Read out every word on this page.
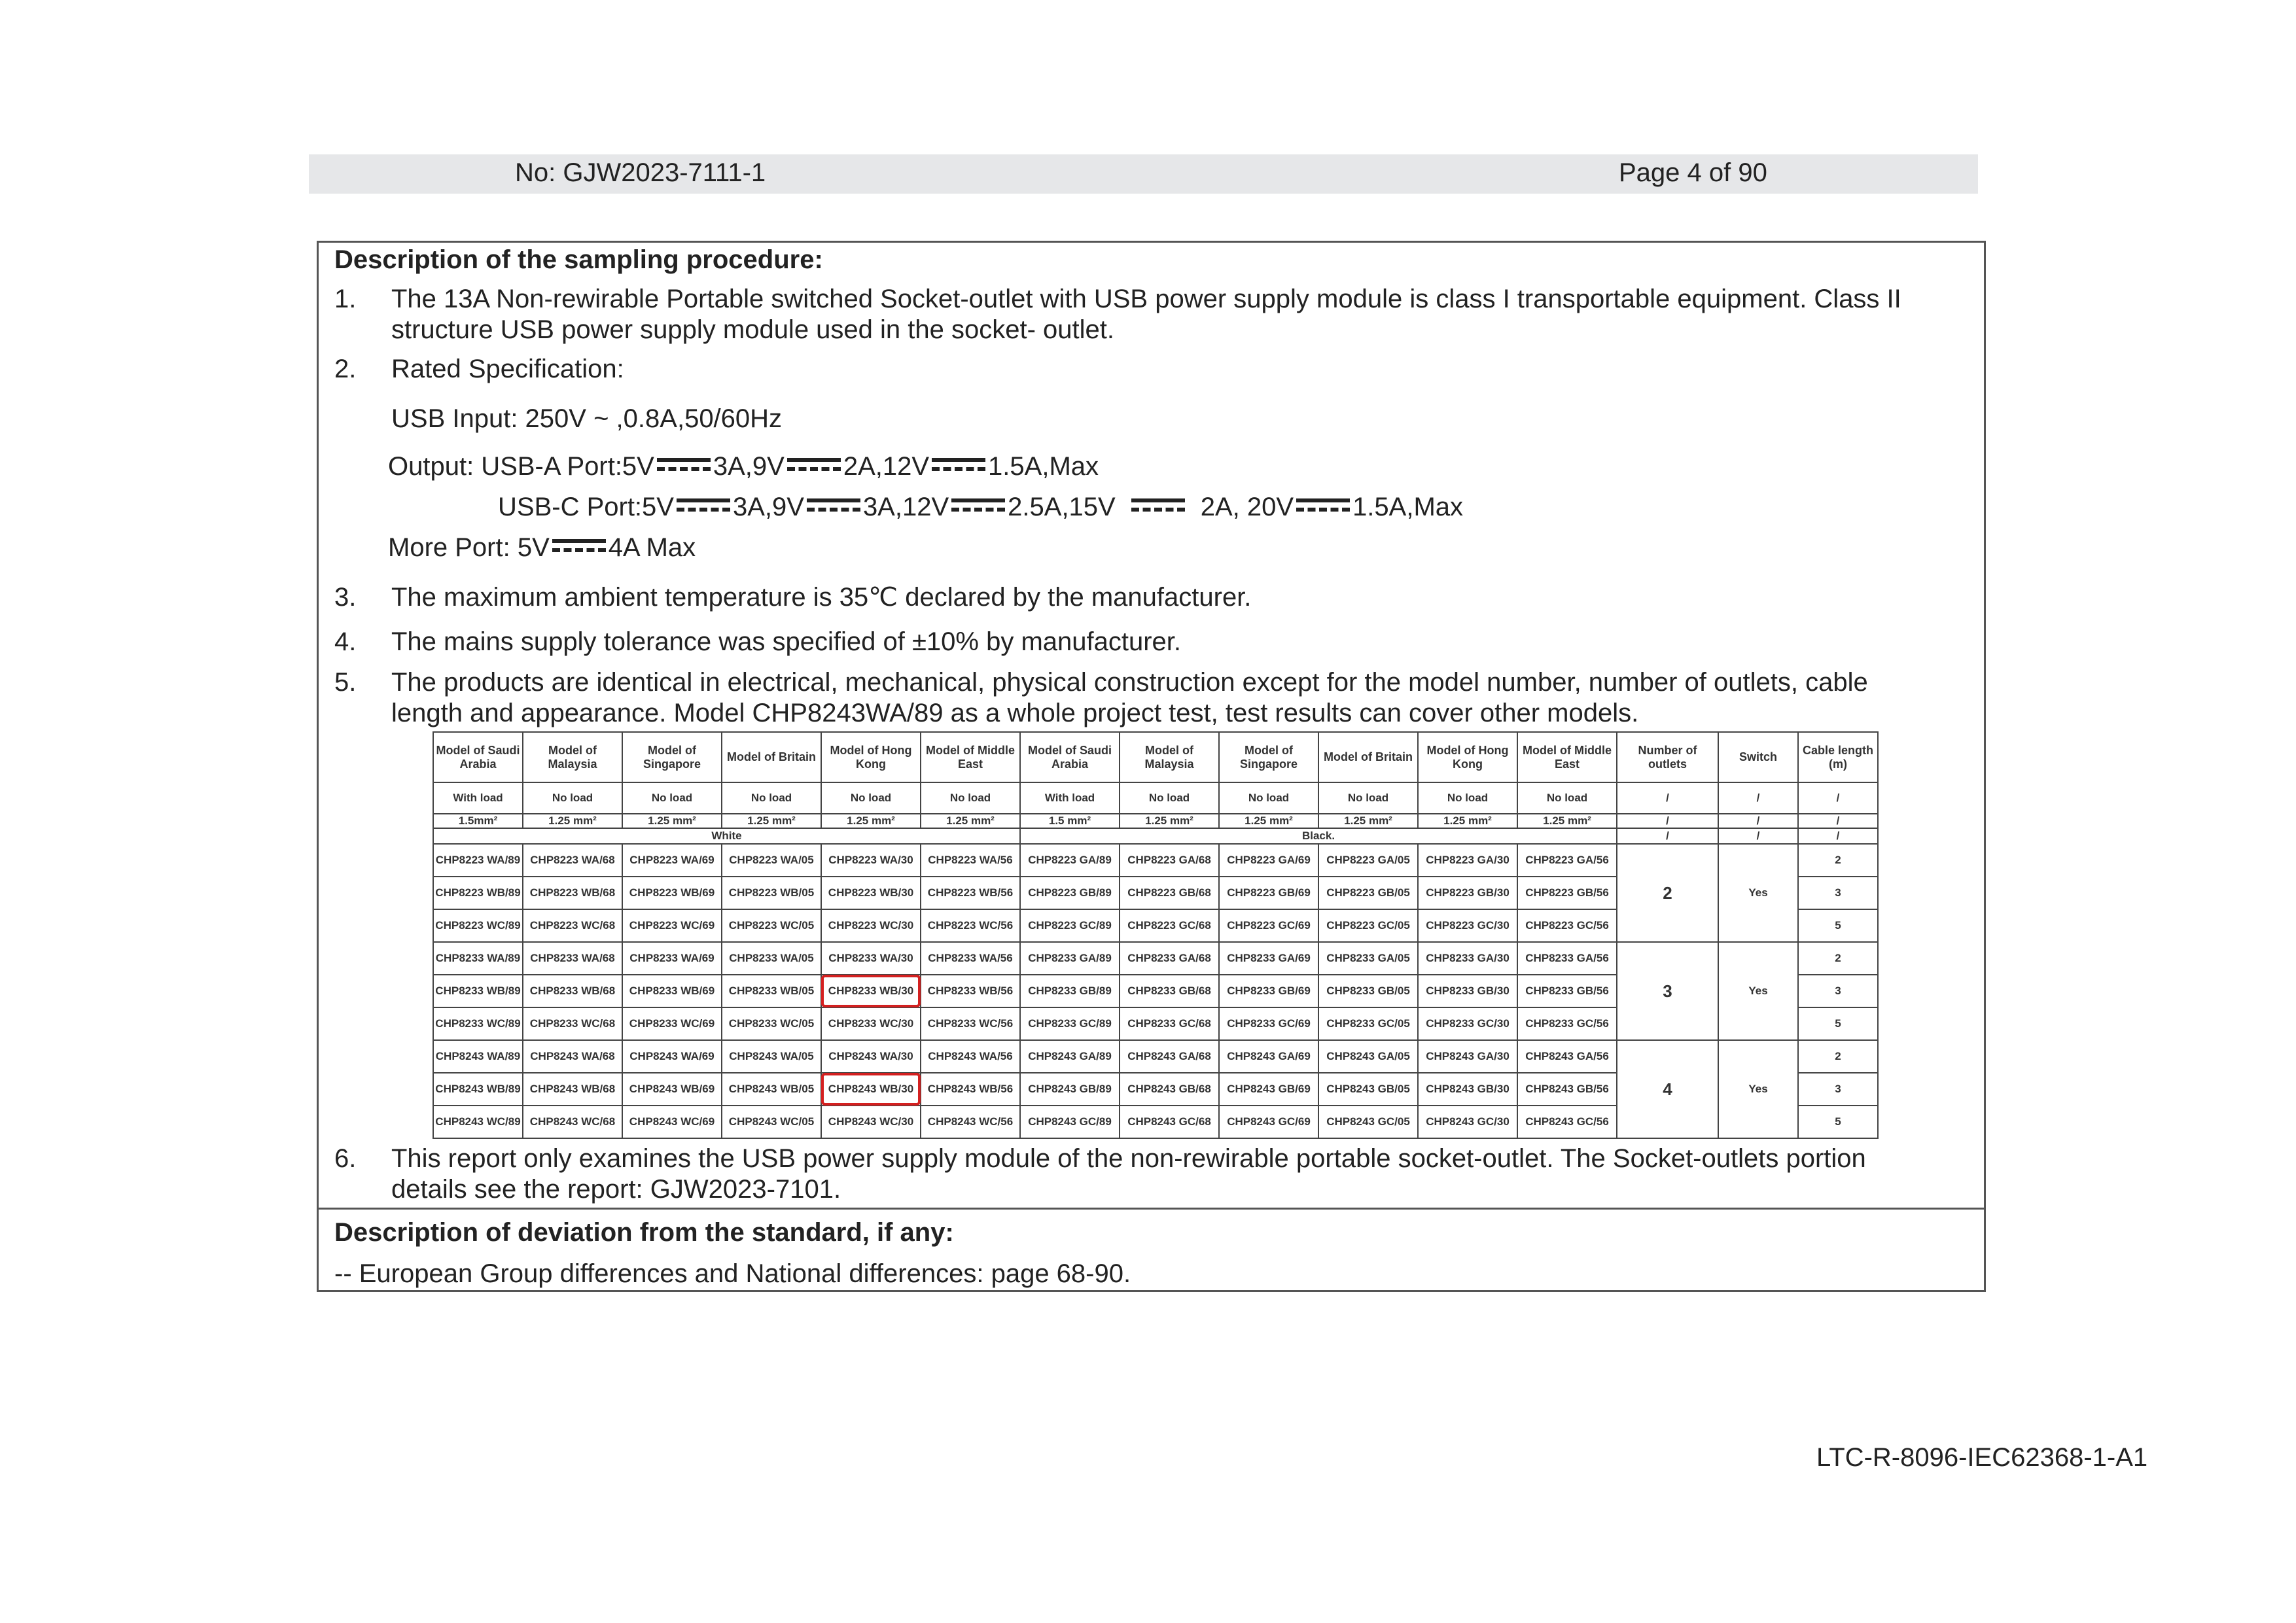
No: GJW2023-7111-1	Page 4 of 90
Description of the sampling procedure:
1. The 13A Non-rewirable Portable switched Socket-outlet with USB power supply module is class I transportable equipment. Class II
structure USB power supply module used in the socket- outlet.
2. Rated Specification:
USB Input: 250V ~ ,0.8A,50/60Hz
Output: USB-A Port:5V 3A,9V 2A,12V 1.5A,Max
USB-C Port:5V 3A,9V 3A,12V 2.5A,15V	2A, 20V 1.5A,Max
More Port: 5V 4A Max
3. The maximum ambient temperature is 35℃ declared by the manufacturer.
4. The mains supply tolerance was specified of ±10% by manufacturer.
5. The products are identical in electrical, mechanical, physical construction except for the model number, number of outlets, cable
length and appearance. Model CHP8243WA/89 as a whole project test, test results can cover other models.
Model of Saudi Arabia	Model of Malaysia	Model of Singapore	Model of Britain	Model of Hong Kong	Model of Middle East	Model of Saudi Arabia	Model of Malaysia	Model of Singapore	Model of Britain	Model of Hong Kong	Model of Middle East	Number of outlets	Switch	Cable length (m)
With load	No load	No load	No load	No load	No load	With load	No load	No load	No load	No load	No load	/	/	/
1.5mm²	1.25 mm²	1.25 mm²	1.25 mm²	1.25 mm²	1.25 mm²	1.5 mm²	1.25 mm²	1.25 mm²	1.25 mm²	1.25 mm²	1.25 mm²	/	/	/
White						Black.						/	/	/
CHP8223 WA/89	CHP8223 WA/68	CHP8223 WA/69	CHP8223 WA/05	CHP8223 WA/30	CHP8223 WA/56	CHP8223 GA/89	CHP8223 GA/68	CHP8223 GA/69	CHP8223 GA/05	CHP8223 GA/30	CHP8223 GA/56	2	Yes	2
CHP8223 WB/89	CHP8223 WB/68	CHP8223 WB/69	CHP8223 WB/05	CHP8223 WB/30	CHP8223 WB/56	CHP8223 GB/89	CHP8223 GB/68	CHP8223 GB/69	CHP8223 GB/05	CHP8223 GB/30	CHP8223 GB/56			3
CHP8223 WC/89	CHP8223 WC/68	CHP8223 WC/69	CHP8223 WC/05	CHP8223 WC/30	CHP8223 WC/56	CHP8223 GC/89	CHP8223 GC/68	CHP8223 GC/69	CHP8223 GC/05	CHP8223 GC/30	CHP8223 GC/56			5
CHP8233 WA/89	CHP8233 WA/68	CHP8233 WA/69	CHP8233 WA/05	CHP8233 WA/30	CHP8233 WA/56	CHP8233 GA/89	CHP8233 GA/68	CHP8233 GA/69	CHP8233 GA/05	CHP8233 GA/30	CHP8233 GA/56	3	Yes	2
CHP8233 WB/89	CHP8233 WB/68	CHP8233 WB/69	CHP8233 WB/05	CHP8233 WB/30	CHP8233 WB/56	CHP8233 GB/89	CHP8233 GB/68	CHP8233 GB/69	CHP8233 GB/05	CHP8233 GB/30	CHP8233 GB/56			3
CHP8233 WC/89	CHP8233 WC/68	CHP8233 WC/69	CHP8233 WC/05	CHP8233 WC/30	CHP8233 WC/56	CHP8233 GC/89	CHP8233 GC/68	CHP8233 GC/69	CHP8233 GC/05	CHP8233 GC/30	CHP8233 GC/56			5
CHP8243 WA/89	CHP8243 WA/68	CHP8243 WA/69	CHP8243 WA/05	CHP8243 WA/30	CHP8243 WA/56	CHP8243 GA/89	CHP8243 GA/68	CHP8243 GA/69	CHP8243 GA/05	CHP8243 GA/30	CHP8243 GA/56	4	Yes	2
CHP8243 WB/89	CHP8243 WB/68	CHP8243 WB/69	CHP8243 WB/05	CHP8243 WB/30	CHP8243 WB/56	CHP8243 GB/89	CHP8243 GB/68	CHP8243 GB/69	CHP8243 GB/05	CHP8243 GB/30	CHP8243 GB/56			3
CHP8243 WC/89	CHP8243 WC/68	CHP8243 WC/69	CHP8243 WC/05	CHP8243 WC/30	CHP8243 WC/56	CHP8243 GC/89	CHP8243 GC/68	CHP8243 GC/69	CHP8243 GC/05	CHP8243 GC/30	CHP8243 GC/56			5
6. This report only examines the USB power supply module of the non-rewirable portable socket-outlet. The Socket-outlets portion
details see the report: GJW2023-7101.
Description of deviation from the standard, if any:
-- European Group differences and National differences: page 68-90.
LTC-R-8096-IEC62368-1-A1
